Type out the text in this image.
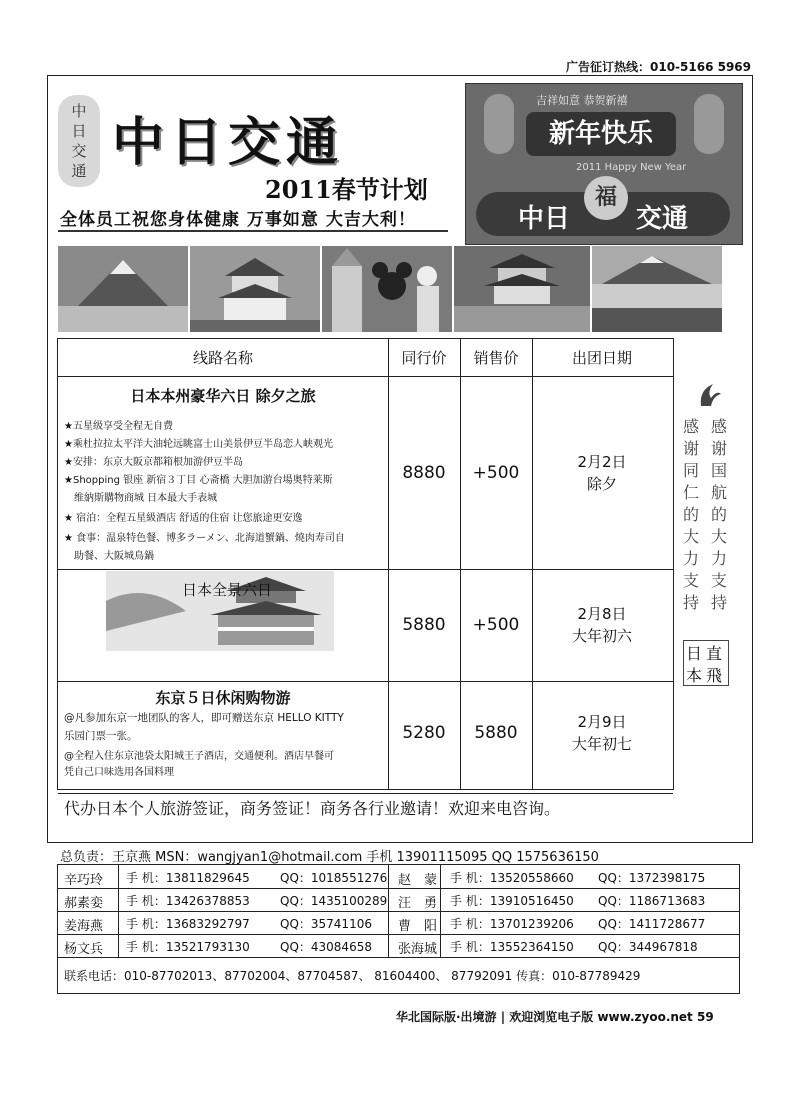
广告征订热线：010-5166 5969
中
日
交
通 中日交通
2011春节计划
全体员工祝您身体健康 万事如意 大吉大利！
吉祥如意 恭贺新禧
新年快乐
2011 Happy New Year
中日	交通
福
线路名称	同行价	销售价	出团日期
日本本州豪华六日 除夕之旅
★五星级享受全程无自费
★乘杜拉拉太平洋大油轮远眺富士山美景伊豆半岛恋人峡观光
★安排：东京大阪京都箱根加游伊豆半岛
★Shopping 银座 新宿３丁目 心斋橋 大胆加游台場奥特莱斯
　维納斯購物商城 日本最大手表城
★ 宿泊：全程五星級酒店 舒适的住宿 让您旅途更安逸
★ 食事：温泉特色餐、博多ラーメン、北海道蟹鍋、燒肉寿司自
　助餐、大阪城鳥鍋
8880	+500
2月2日
除夕
日本全景六日
5880	+500
2月8日
大年初六
东京５日休闲购物游
@凡参加东京一地团队的客人，即可赠送东京 HELLO KITTY
乐园门票一张。
@全程入住东京池袋太阳城王子酒店，交通便利。酒店早餐可
凭自己口味选用各国料理
5280	5880
2月9日
大年初七
代办日本个人旅游签证，商务签证！商务各行业邀请！欢迎来电咨询。
感
谢
国
航
的
大
力
支
持
感
谢
同
仁
的
大
力
支
持
日 直
本 飛
总负责：王京燕 MSN：wangjyan1@hotmail.com 手机 13901115095 QQ 1575636150
辛巧玲 手 机：13811829645	QQ：1018551276 赵　蒙 手 机：13520558660 QQ：1372398175
郝素娈 手 机：13426378853	QQ：1435100289 汪　勇 手 机：13910516450 QQ：1186713683
姜海燕 手 机：13683292797	QQ：35741106 曹　阳 手 机：13701239206 QQ：1411728677
杨文兵 手 机：13521793130	QQ：43084658 张海城 手 机：13552364150 QQ：344967818
联系电话：010-87702013、87702004、87704587、 81604400、 87792091 传真：010-87789429
华北国际版·出境游 | 欢迎浏览电子版 www.zyoo.net 59
